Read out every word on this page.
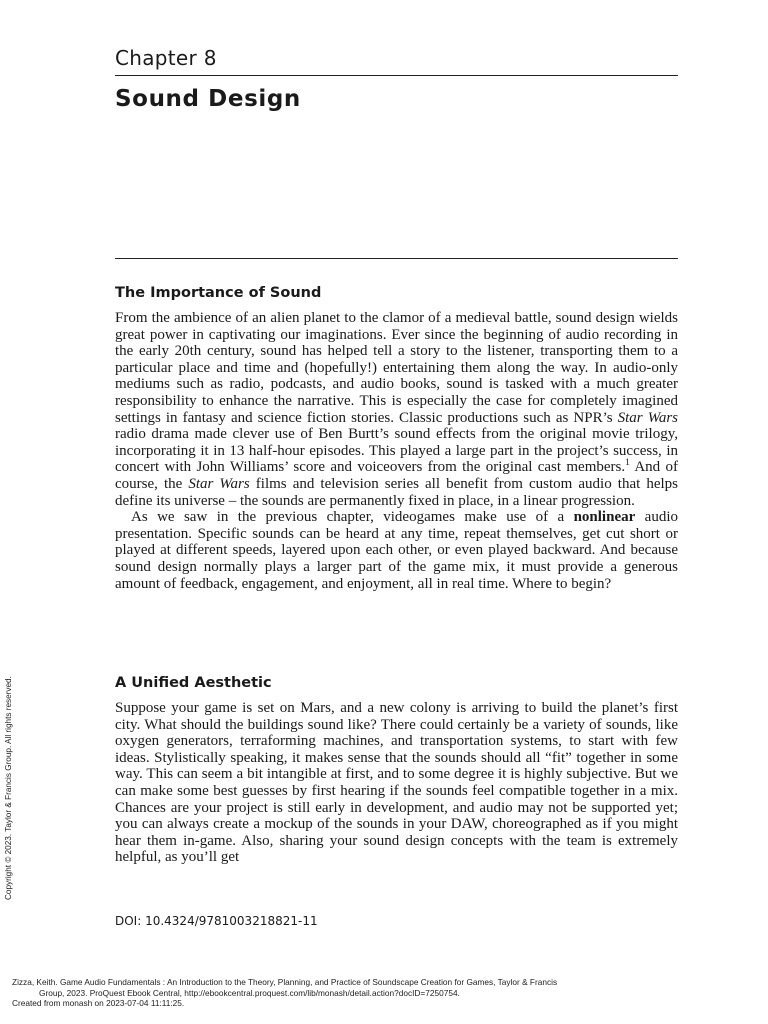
Chapter 8
Sound Design
The Importance of Sound

From the ambience of an alien planet to the clamor of a medieval battle, sound design wields great power in captivating our imaginations. Ever since the beginning of audio recording in the early 20th century, sound has helped tell a story to the listener, transporting them to a particular place and time and (hopefully!) entertaining them along the way. In audio-only mediums such as radio, podcasts, and audio books, sound is tasked with a much greater responsibility to enhance the narrative. This is especially the case for completely imagined settings in fantasy and science fiction stories. Classic productions such as NPR’s Star Wars radio drama made clever use of Ben Burtt’s sound effects from the original movie trilogy, incorporating it in 13 half-hour episodes. This played a large part in the project’s success, in concert with John Williams’ score and voiceovers from the original cast members.$^1$ And of course, the Star Wars films and television series all benefit from custom audio that helps define its universe – the sounds are permanently fixed in place, in a linear progression.

As we saw in the previous chapter, videogames make use of a nonlinear audio presentation. Specific sounds can be heard at any time, repeat themselves, get cut short or played at different speeds, layered upon each other, or even played backward. And because sound design normally plays a larger part of the game mix, it must provide a generous amount of feedback, engagement, and enjoyment, all in real time. Where to begin?

A Unified Aesthetic

Suppose your game is set on Mars, and a new colony is arriving to build the planet’s first city. What should the buildings sound like? There could certainly be a variety of sounds, like oxygen generators, terraforming machines, and transportation systems, to start with few ideas. Stylistically speaking, it makes sense that the sounds should all “fit” together in some way. This can seem a bit intangible at first, and to some degree it is highly subjective. But we can make some best guesses by first hearing if the sounds feel compatible together in a mix. Chances are your project is still early in development, and audio may not be supported yet; you can always create a mockup of the sounds in your DAW, choreographed as if you might hear them in-game. Also, sharing your sound design concepts with the team is extremely helpful, as you’ll get

DOI: 10.4324/9781003218821-11
Copyright © 2023. Taylor & Francis Group. All rights reserved.
Zizza, Keith. Game Audio Fundamentals : An Introduction to the Theory, Planning, and Practice of Soundscape Creation for Games, Taylor & Francis
Group, 2023. ProQuest Ebook Central, http://ebookcentral.proquest.com/lib/monash/detail.action?docID=7250754.
Created from monash on 2023-07-04 11:11:25.
